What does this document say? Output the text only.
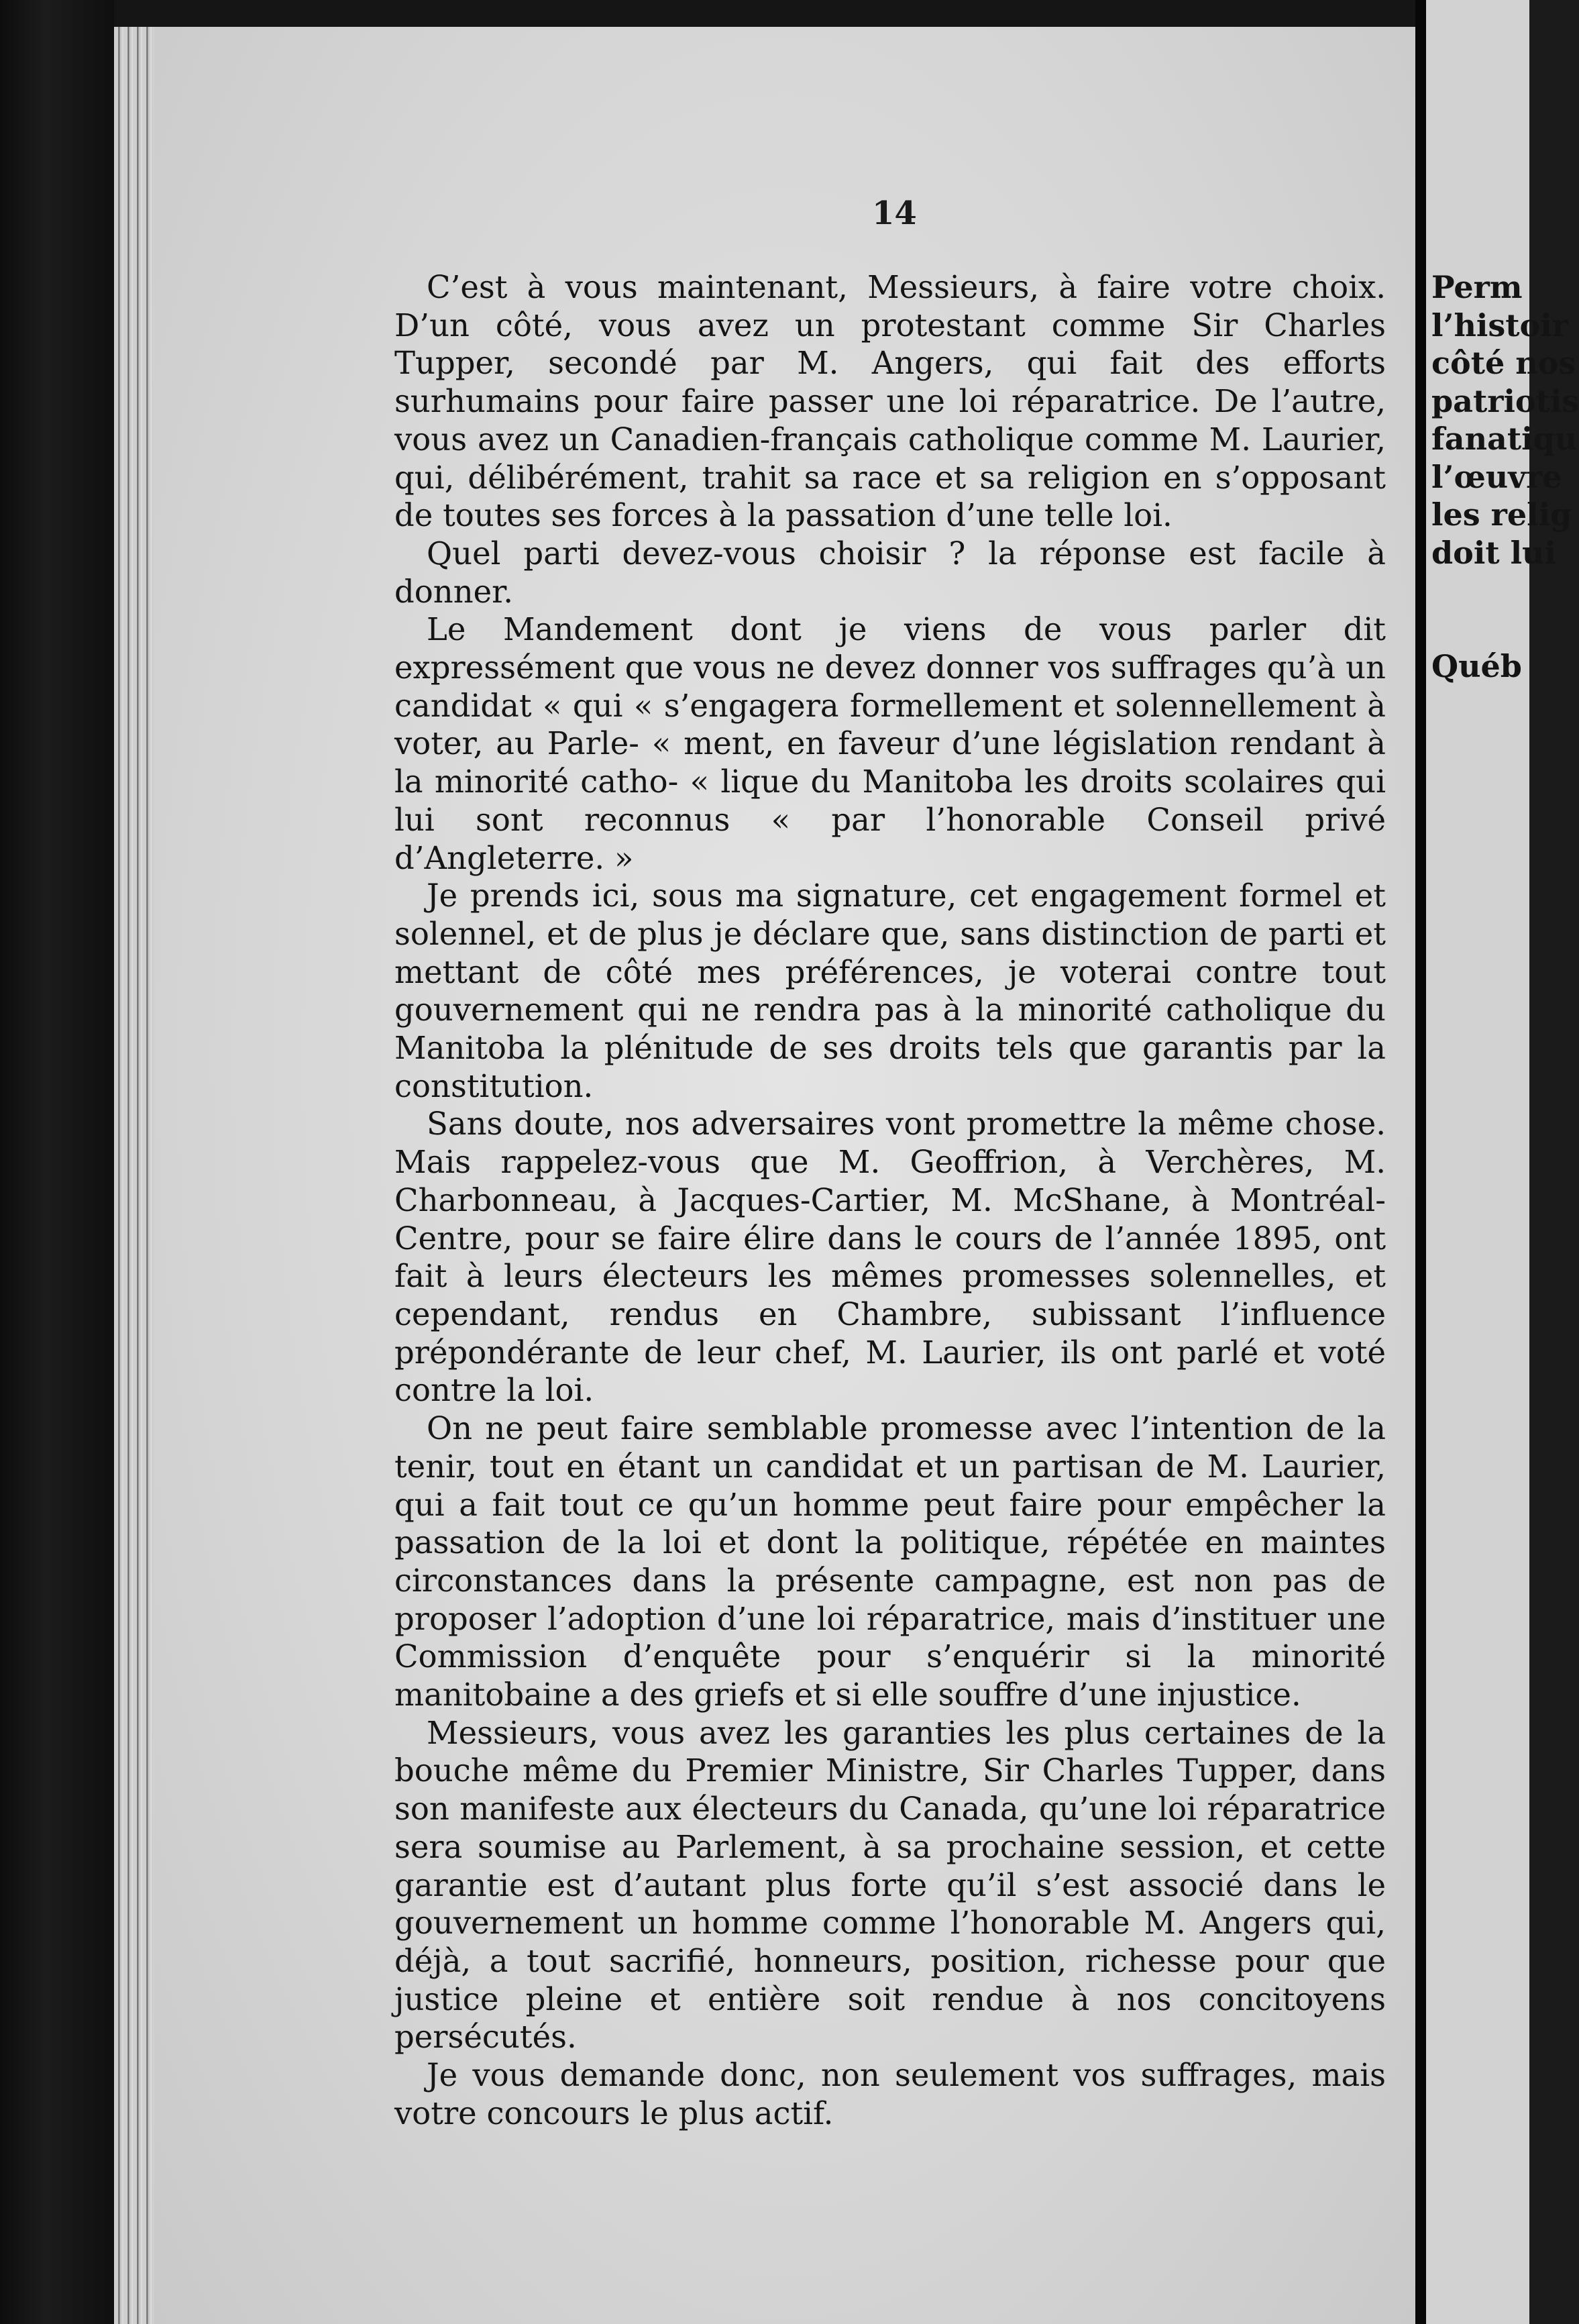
14

C’est à vous maintenant, Messieurs, à faire votre choix. D’un côté, vous avez un protestant comme Sir Charles Tupper, secondé par M. Angers, qui fait des efforts surhumains pour faire passer une loi réparatrice. De l’autre, vous avez un Canadien-français catholique comme M. Laurier, qui, délibérément, trahit sa race et sa religion en s’opposant de toutes ses forces à la passation d’une telle loi.

Quel parti devez-vous choisir ? la réponse est facile à donner.

Le Mandement dont je viens de vous parler dit expressément que vous ne devez donner vos suffrages qu’à un candidat « qui « s’engagera formellement et solennellement à voter, au Parle- « ment, en faveur d’une législation rendant à la minorité catho- « lique du Manitoba les droits scolaires qui lui sont reconnus « par l’honorable Conseil privé d’Angleterre. »

Je prends ici, sous ma signature, cet engagement formel et solennel, et de plus je déclare que, sans distinction de parti et mettant de côté mes préférences, je voterai contre tout gouvernement qui ne rendra pas à la minorité catholique du Manitoba la plénitude de ses droits tels que garantis par la constitution.

Sans doute, nos adversaires vont promettre la même chose. Mais rappelez-vous que M. Geoffrion, à Verchères, M. Charbonneau, à Jacques-Cartier, M. McShane, à Montréal-Centre, pour se faire élire dans le cours de l’année 1895, ont fait à leurs électeurs les mêmes promesses solennelles, et cependant, rendus en Chambre, subissant l’influence prépondérante de leur chef, M. Laurier, ils ont parlé et voté contre la loi.

On ne peut faire semblable promesse avec l’intention de la tenir, tout en étant un candidat et un partisan de M. Laurier, qui a fait tout ce qu’un homme peut faire pour empêcher la passation de la loi et dont la politique, répétée en maintes circonstances dans la présente campagne, est non pas de proposer l’adoption d’une loi réparatrice, mais d’instituer une Commission d’enquête pour s’enquérir si la minorité manitobaine a des griefs et si elle souffre d’une injustice.

Messieurs, vous avez les garanties les plus certaines de la bouche même du Premier Ministre, Sir Charles Tupper, dans son manifeste aux électeurs du Canada, qu’une loi réparatrice sera soumise au Parlement, à sa prochaine session, et cette garantie est d’autant plus forte qu’il s’est associé dans le gouvernement un homme comme l’honorable M. Angers qui, déjà, a tout sacrifié, honneurs, position, richesse pour que justice pleine et entière soit rendue à nos concitoyens persécutés.

Je vous demande donc, non seulement vos suffrages, mais votre concours le plus actif.

Perm
l’histoir
côté nos
patriotis
fanatiqu
l’œuvre
les relig
doit lui
Québ
